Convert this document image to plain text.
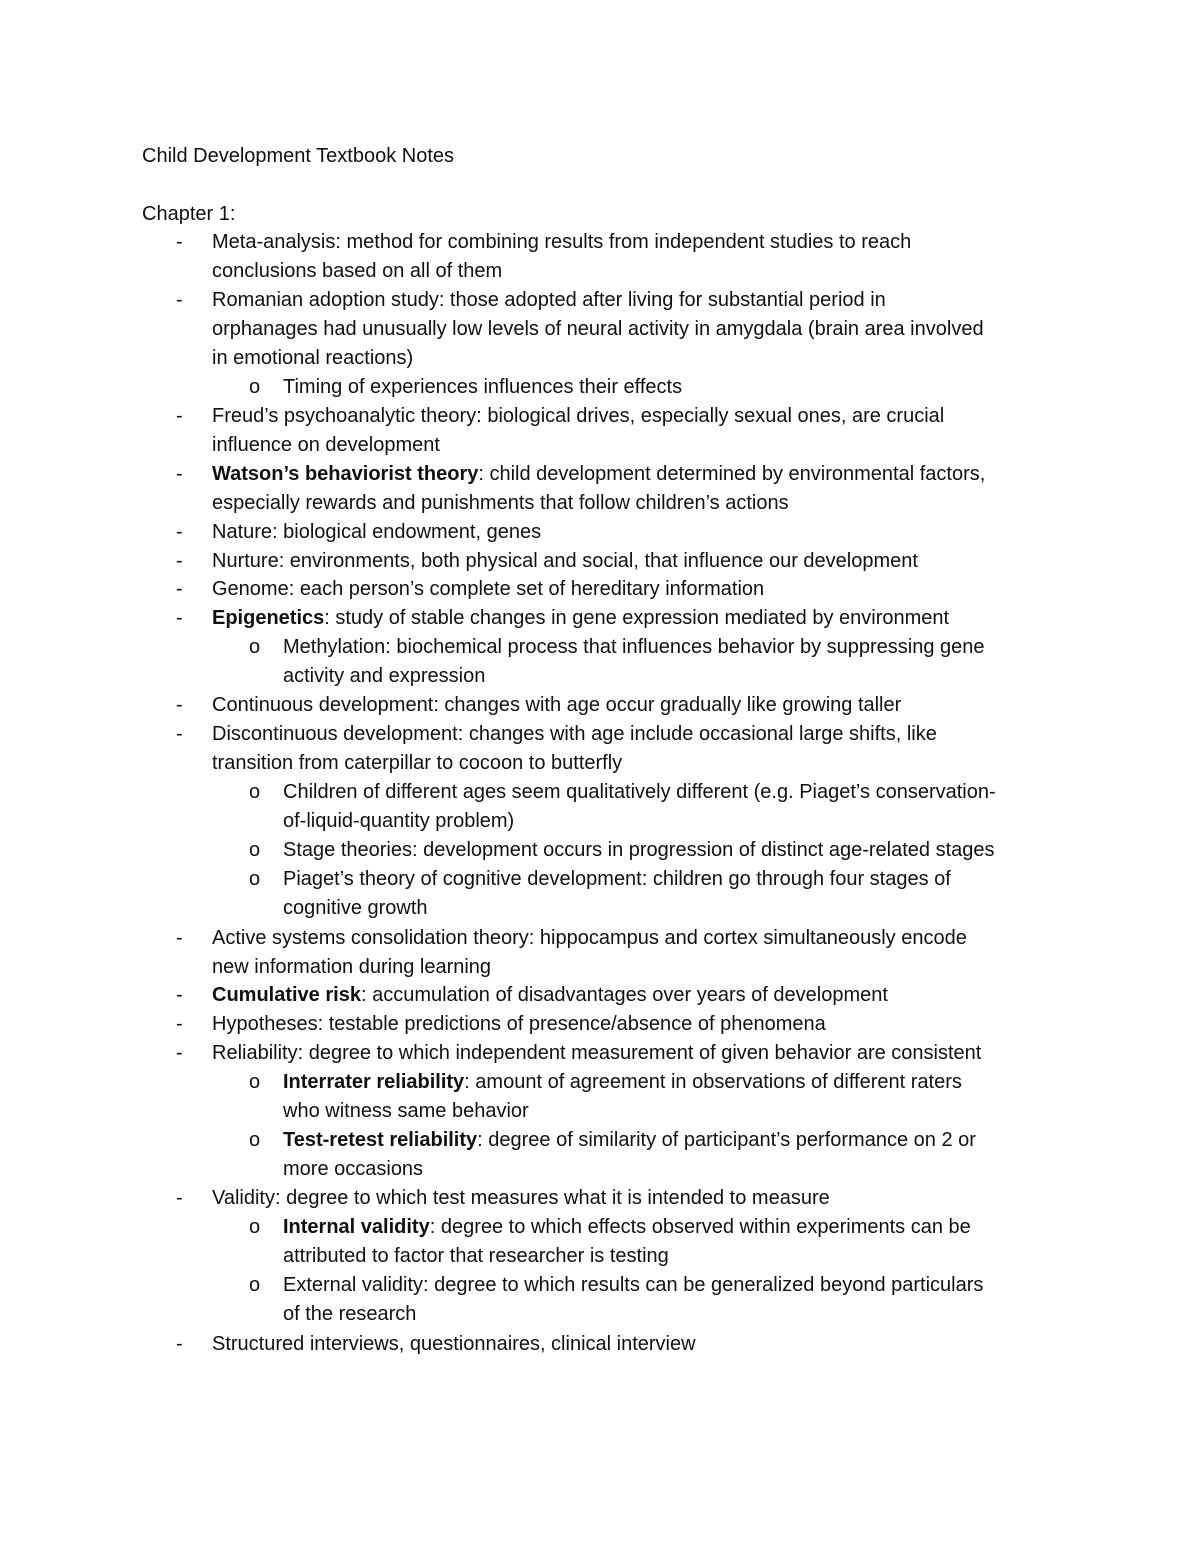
Child Development Textbook Notes
Chapter 1:
- Meta-analysis: method for combining results from independent studies to reach
conclusions based on all of them
- Romanian adoption study: those adopted after living for substantial period in
orphanages had unusually low levels of neural activity in amygdala (brain area involved
in emotional reactions)
o Timing of experiences influences their effects
- Freud’s psychoanalytic theory: biological drives, especially sexual ones, are crucial
influence on development
- Watson’s behaviorist theory: child development determined by environmental factors,
especially rewards and punishments that follow children’s actions
- Nature: biological endowment, genes
- Nurture: environments, both physical and social, that influence our development
- Genome: each person’s complete set of hereditary information
- Epigenetics: study of stable changes in gene expression mediated by environment
o Methylation: biochemical process that influences behavior by suppressing gene
activity and expression
- Continuous development: changes with age occur gradually like growing taller
- Discontinuous development: changes with age include occasional large shifts, like
transition from caterpillar to cocoon to butterfly
o Children of different ages seem qualitatively different (e.g. Piaget’s conservation-
of-liquid-quantity problem)
o Stage theories: development occurs in progression of distinct age-related stages
o Piaget’s theory of cognitive development: children go through four stages of
cognitive growth
- Active systems consolidation theory: hippocampus and cortex simultaneously encode
new information during learning
- Cumulative risk: accumulation of disadvantages over years of development
- Hypotheses: testable predictions of presence/absence of phenomena
- Reliability: degree to which independent measurement of given behavior are consistent
o Interrater reliability: amount of agreement in observations of different raters
who witness same behavior
o Test-retest reliability: degree of similarity of participant’s performance on 2 or
more occasions
- Validity: degree to which test measures what it is intended to measure
o Internal validity: degree to which effects observed within experiments can be
attributed to factor that researcher is testing
o External validity: degree to which results can be generalized beyond particulars
of the research
- Structured interviews, questionnaires, clinical interview
